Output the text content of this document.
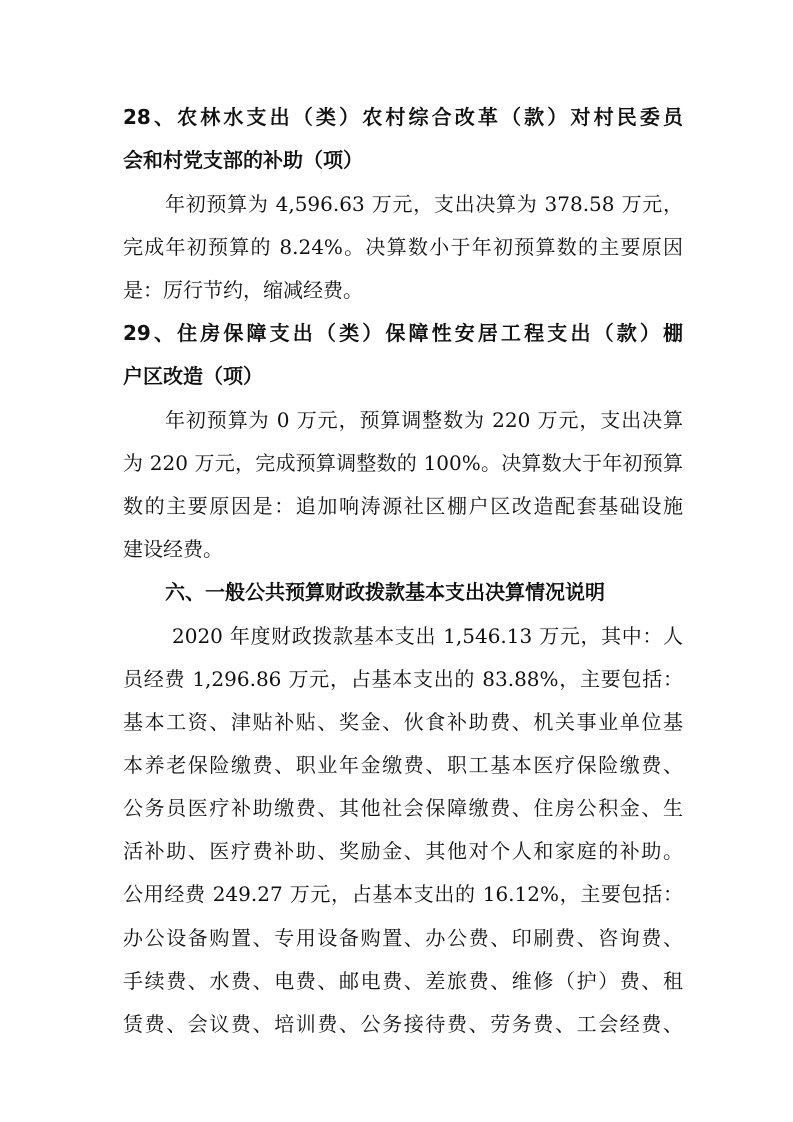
28、农林水支出（类）农村综合改革（款）对村民委员
会和村党支部的补助（项）
年初预算为 4,596.63 万元，支出决算为 378.58 万元，
完成年初预算的 8.24%。决算数小于年初预算数的主要原因
是：厉行节约，缩减经费。
29、住房保障支出（类）保障性安居工程支出（款）棚
户区改造（项）
年初预算为 0 万元，预算调整数为 220 万元，支出决算
为 220 万元，完成预算调整数的 100%。决算数大于年初预算
数的主要原因是：追加响涛源社区棚户区改造配套基础设施
建设经费。
六、一般公共预算财政拨款基本支出决算情况说明
2020 年度财政拨款基本支出 1,546.13 万元，其中：人
员经费 1,296.86 万元，占基本支出的 83.88%，主要包括：
基本工资、津贴补贴、奖金、伙食补助费、机关事业单位基
本养老保险缴费、职业年金缴费、职工基本医疗保险缴费、
公务员医疗补助缴费、其他社会保障缴费、住房公积金、生
活补助、医疗费补助、奖励金、其他对个人和家庭的补助。
公用经费 249.27 万元，占基本支出的 16.12%，主要包括：
办公设备购置、专用设备购置、办公费、印刷费、咨询费、
手续费、水费、电费、邮电费、差旅费、维修（护）费、租
赁费、会议费、培训费、公务接待费、劳务费、工会经费、
